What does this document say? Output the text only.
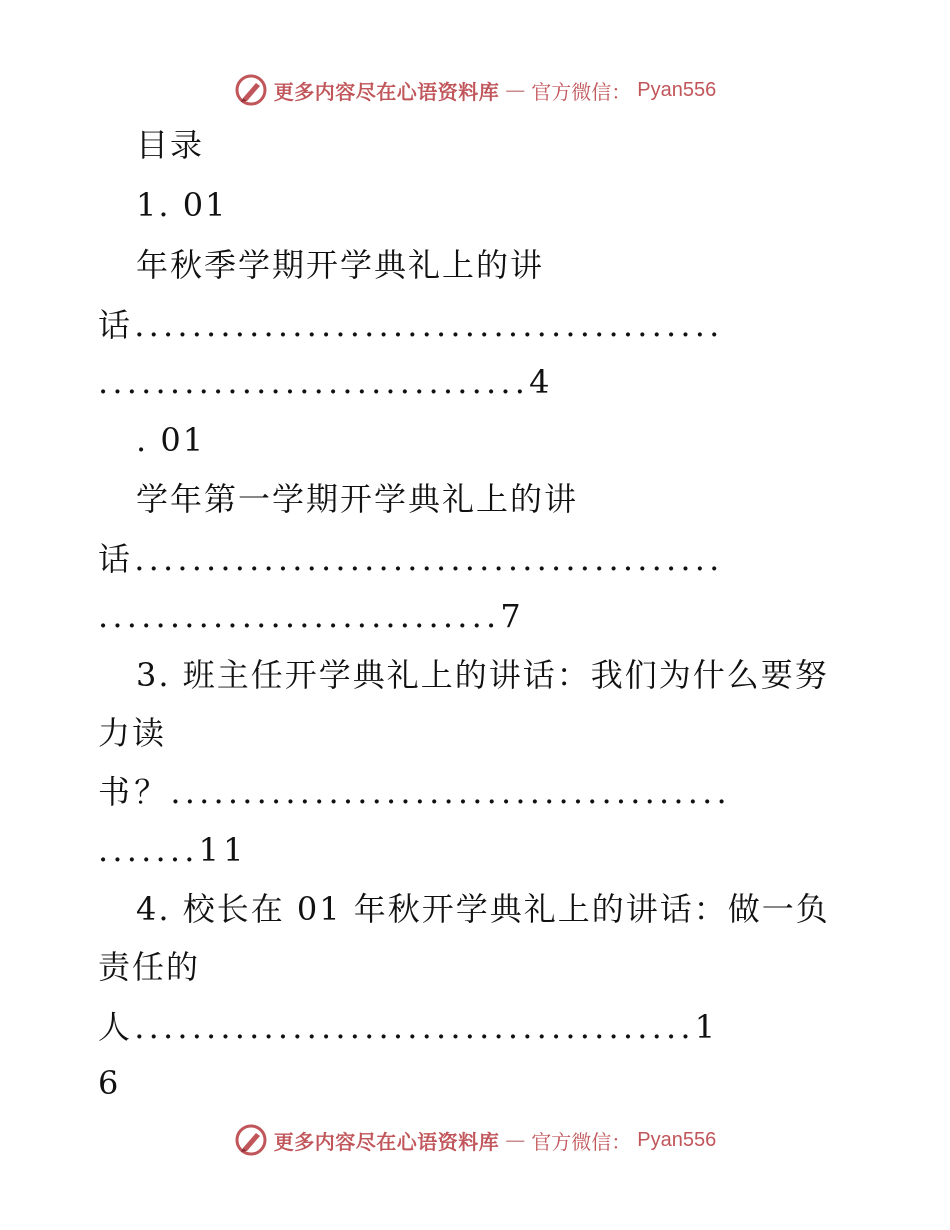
更多内容尽在心语资料库 — 官方微信： Pyan556
目录
1. 01
年秋季学期开学典礼上的讲
话.........................................
..............................4
. 01
学年第一学期开学典礼上的讲
话.........................................
............................7
3. 班主任开学典礼上的讲话：我们为什么要努
力读
书？.......................................
.......11
4. 校长在 01 年秋开学典礼上的讲话：做一负
责任的
人.......................................1
6
更多内容尽在心语资料库 — 官方微信： Pyan556
